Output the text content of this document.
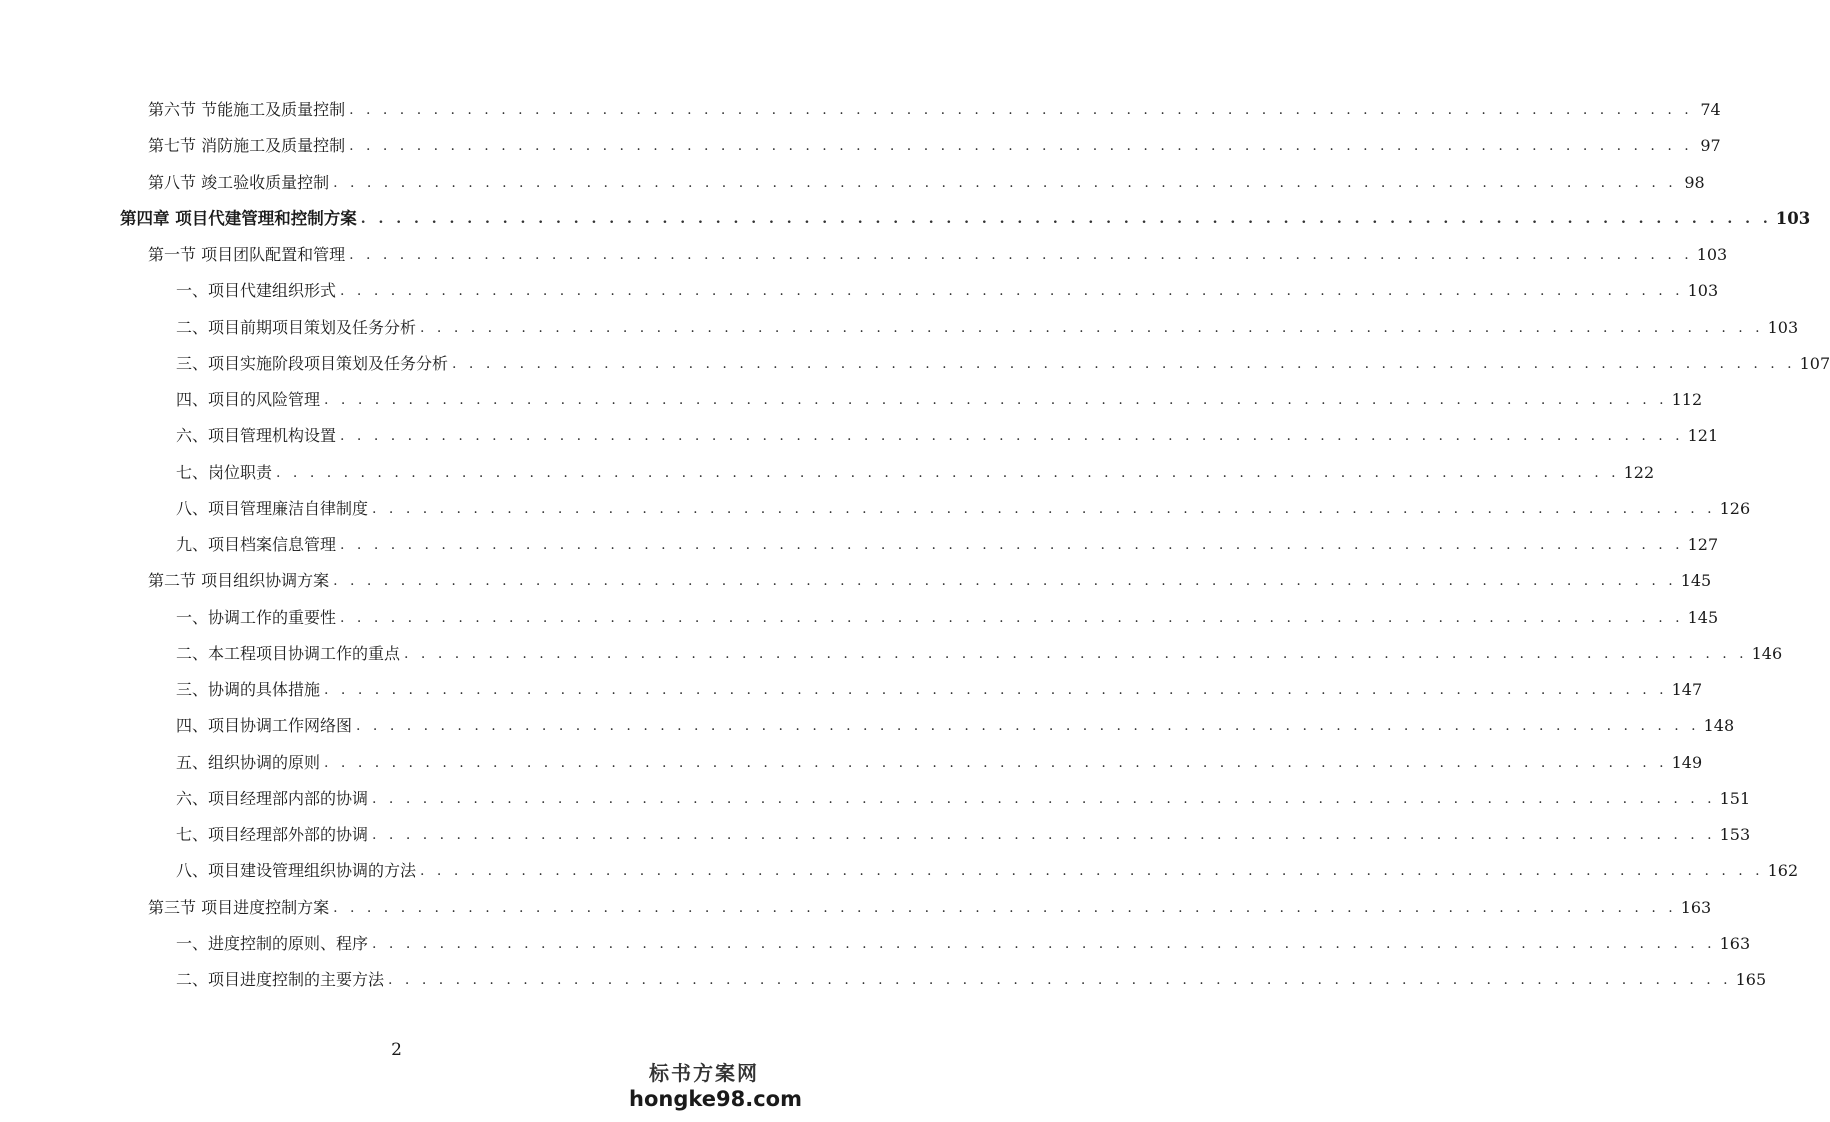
第六节 节能施工及质量控制 . . . . . . . . . . . . . . . . . . . . . . . . . . . . . . . . . . . . . . . . . . . . . . . . . . . . . . . . . . . . . . . . . . . . . . . . . . . . . . . . 74
第七节 消防施工及质量控制 . . . . . . . . . . . . . . . . . . . . . . . . . . . . . . . . . . . . . . . . . . . . . . . . . . . . . . . . . . . . . . . . . . . . . . . . . . . . . . . . 97
第八节 竣工验收质量控制 . . . . . . . . . . . . . . . . . . . . . . . . . . . . . . . . . . . . . . . . . . . . . . . . . . . . . . . . . . . . . . . . . . . . . . . . . . . . . . . . 98
第四章 项目代建管理和控制方案 . . . . . . . . . . . . . . . . . . . . . . . . . . . . . . . . . . . . . . . . . . . . . . . . . . . . . . . . . . . . . . . . . . . . . . . . . . . . . . . . 103
第一节 项目团队配置和管理 . . . . . . . . . . . . . . . . . . . . . . . . . . . . . . . . . . . . . . . . . . . . . . . . . . . . . . . . . . . . . . . . . . . . . . . . . . . . . . . . 103
一、项目代建组织形式 . . . . . . . . . . . . . . . . . . . . . . . . . . . . . . . . . . . . . . . . . . . . . . . . . . . . . . . . . . . . . . . . . . . . . . . . . . . . . . . . 103
二、项目前期项目策划及任务分析 . . . . . . . . . . . . . . . . . . . . . . . . . . . . . . . . . . . . . . . . . . . . . . . . . . . . . . . . . . . . . . . . . . . . . . . . . . . . . . . . 103
三、项目实施阶段项目策划及任务分析 . . . . . . . . . . . . . . . . . . . . . . . . . . . . . . . . . . . . . . . . . . . . . . . . . . . . . . . . . . . . . . . . . . . . . . . . . . . . . . . . 107
四、项目的风险管理 . . . . . . . . . . . . . . . . . . . . . . . . . . . . . . . . . . . . . . . . . . . . . . . . . . . . . . . . . . . . . . . . . . . . . . . . . . . . . . . . 112
六、项目管理机构设置 . . . . . . . . . . . . . . . . . . . . . . . . . . . . . . . . . . . . . . . . . . . . . . . . . . . . . . . . . . . . . . . . . . . . . . . . . . . . . . . . 121
七、岗位职责 . . . . . . . . . . . . . . . . . . . . . . . . . . . . . . . . . . . . . . . . . . . . . . . . . . . . . . . . . . . . . . . . . . . . . . . . . . . . . . . . 122
八、项目管理廉洁自律制度 . . . . . . . . . . . . . . . . . . . . . . . . . . . . . . . . . . . . . . . . . . . . . . . . . . . . . . . . . . . . . . . . . . . . . . . . . . . . . . . . 126
九、项目档案信息管理 . . . . . . . . . . . . . . . . . . . . . . . . . . . . . . . . . . . . . . . . . . . . . . . . . . . . . . . . . . . . . . . . . . . . . . . . . . . . . . . . 127
第二节 项目组织协调方案 . . . . . . . . . . . . . . . . . . . . . . . . . . . . . . . . . . . . . . . . . . . . . . . . . . . . . . . . . . . . . . . . . . . . . . . . . . . . . . . . 145
一、协调工作的重要性 . . . . . . . . . . . . . . . . . . . . . . . . . . . . . . . . . . . . . . . . . . . . . . . . . . . . . . . . . . . . . . . . . . . . . . . . . . . . . . . . 145
二、本工程项目协调工作的重点 . . . . . . . . . . . . . . . . . . . . . . . . . . . . . . . . . . . . . . . . . . . . . . . . . . . . . . . . . . . . . . . . . . . . . . . . . . . . . . . . 146
三、协调的具体措施 . . . . . . . . . . . . . . . . . . . . . . . . . . . . . . . . . . . . . . . . . . . . . . . . . . . . . . . . . . . . . . . . . . . . . . . . . . . . . . . . 147
四、项目协调工作网络图 . . . . . . . . . . . . . . . . . . . . . . . . . . . . . . . . . . . . . . . . . . . . . . . . . . . . . . . . . . . . . . . . . . . . . . . . . . . . . . . . 148
五、组织协调的原则 . . . . . . . . . . . . . . . . . . . . . . . . . . . . . . . . . . . . . . . . . . . . . . . . . . . . . . . . . . . . . . . . . . . . . . . . . . . . . . . . 149
六、项目经理部内部的协调 . . . . . . . . . . . . . . . . . . . . . . . . . . . . . . . . . . . . . . . . . . . . . . . . . . . . . . . . . . . . . . . . . . . . . . . . . . . . . . . . 151
七、项目经理部外部的协调 . . . . . . . . . . . . . . . . . . . . . . . . . . . . . . . . . . . . . . . . . . . . . . . . . . . . . . . . . . . . . . . . . . . . . . . . . . . . . . . . 153
八、项目建设管理组织协调的方法 . . . . . . . . . . . . . . . . . . . . . . . . . . . . . . . . . . . . . . . . . . . . . . . . . . . . . . . . . . . . . . . . . . . . . . . . . . . . . . . . 162
第三节 项目进度控制方案 . . . . . . . . . . . . . . . . . . . . . . . . . . . . . . . . . . . . . . . . . . . . . . . . . . . . . . . . . . . . . . . . . . . . . . . . . . . . . . . . 163
一、进度控制的原则、程序 . . . . . . . . . . . . . . . . . . . . . . . . . . . . . . . . . . . . . . . . . . . . . . . . . . . . . . . . . . . . . . . . . . . . . . . . . . . . . . . . 163
二、项目进度控制的主要方法 . . . . . . . . . . . . . . . . . . . . . . . . . . . . . . . . . . . . . . . . . . . . . . . . . . . . . . . . . . . . . . . . . . . . . . . . . . . . . . . . 165
2
标书方案网
hongke98.com
